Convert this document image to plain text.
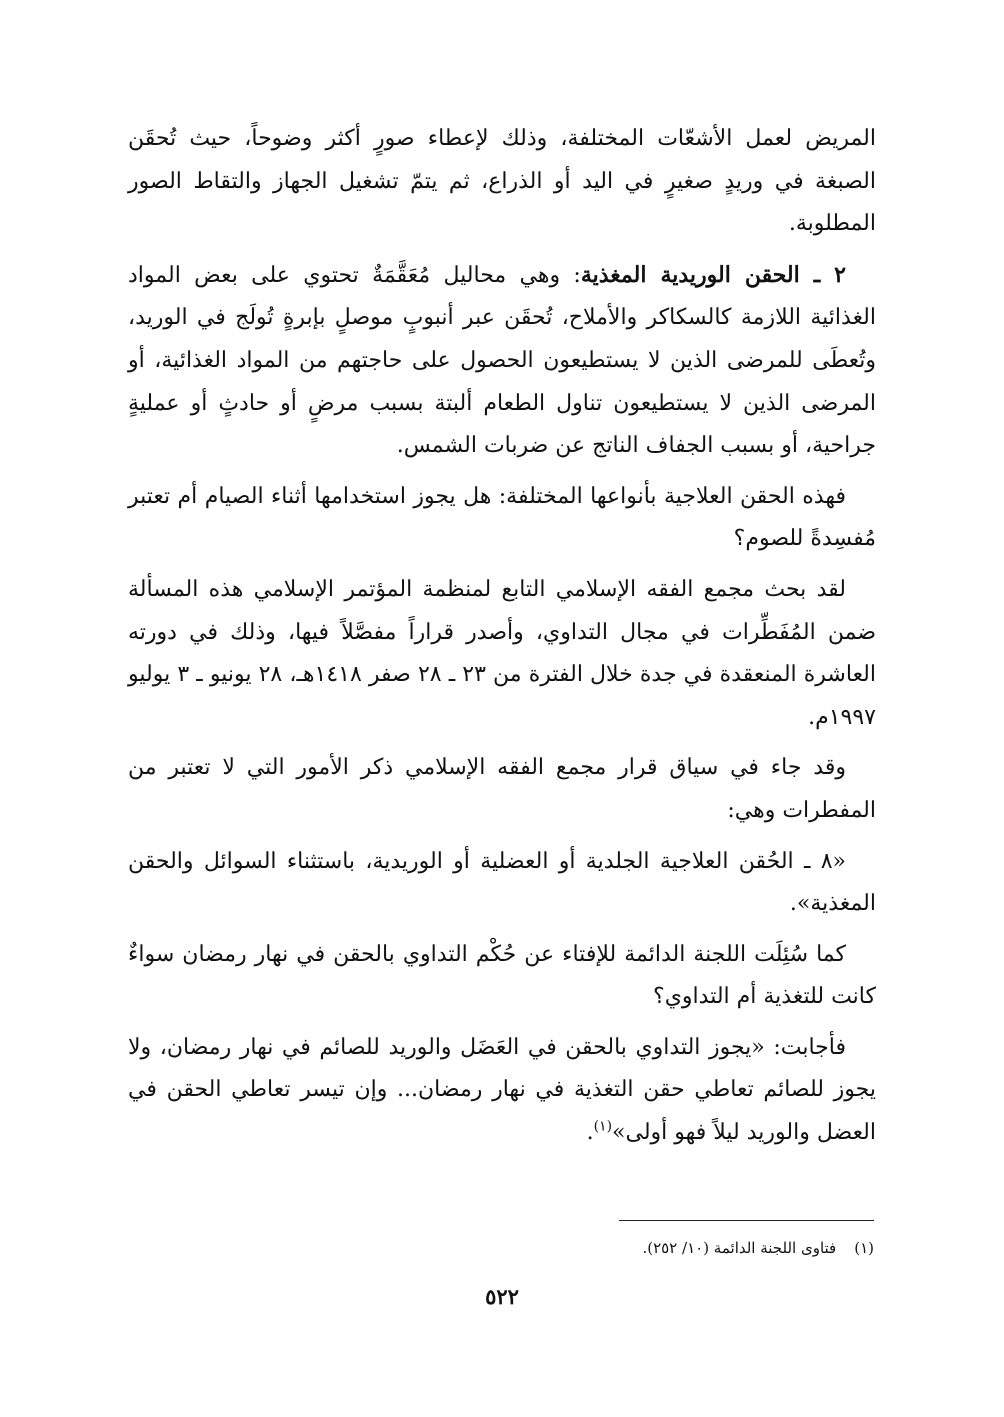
المريض لعمل الأشعّات المختلفة، وذلك لإعطاء صورٍ أكثر وضوحاً، حيث تُحقَن الصبغة في وريدٍ صغيرٍ في اليد أو الذراع، ثم يتمّ تشغيل الجهاز والتقاط الصور المطلوبة.

٢ ـ الحقن الوريدية المغذية: وهي محاليل مُعَقَّمَةٌ تحتوي على بعض المواد الغذائية اللازمة كالسكاكر والأملاح، تُحقَن عبر أنبوبٍ موصلٍ بإبرةٍ تُولَج في الوريد، وتُعطَى للمرضى الذين لا يستطيعون الحصول على حاجتهم من المواد الغذائية، أو المرضى الذين لا يستطيعون تناول الطعام ألبتة بسبب مرضٍ أو حادثٍ أو عمليةٍ جراحية، أو بسبب الجفاف الناتج عن ضربات الشمس.

فهذه الحقن العلاجية بأنواعها المختلفة: هل يجوز استخدامها أثناء الصيام أم تعتبر مُفسِدةً للصوم؟

لقد بحث مجمع الفقه الإسلامي التابع لمنظمة المؤتمر الإسلامي هذه المسألة ضمن المُفَطِّرات في مجال التداوي، وأصدر قراراً مفصَّلاً فيها، وذلك في دورته العاشرة المنعقدة في جدة خلال الفترة من ٢٣ ـ ٢٨ صفر ١٤١٨هـ، ٢٨ يونيو ـ ٣ يوليو ١٩٩٧م.

وقد جاء في سياق قرار مجمع الفقه الإسلامي ذكر الأمور التي لا تعتبر من المفطرات وهي:

«٨ ـ الحُقن العلاجية الجلدية أو العضلية أو الوريدية، باستثناء السوائل والحقن المغذية».

كما سُئِلَت اللجنة الدائمة للإفتاء عن حُكْم التداوي بالحقن في نهار رمضان سواءٌ كانت للتغذية أم التداوي؟

فأجابت: «يجوز التداوي بالحقن في العَضَل والوريد للصائم في نهار رمضان، ولا يجوز للصائم تعاطي حقن التغذية في نهار رمضان... وإن تيسر تعاطي الحقن في العضل والوريد ليلاً فهو أولى»$^{(١)}$.

(١)فتاوى اللجنة الدائمة (١٠/ ٢٥٢).
٥٢٢
